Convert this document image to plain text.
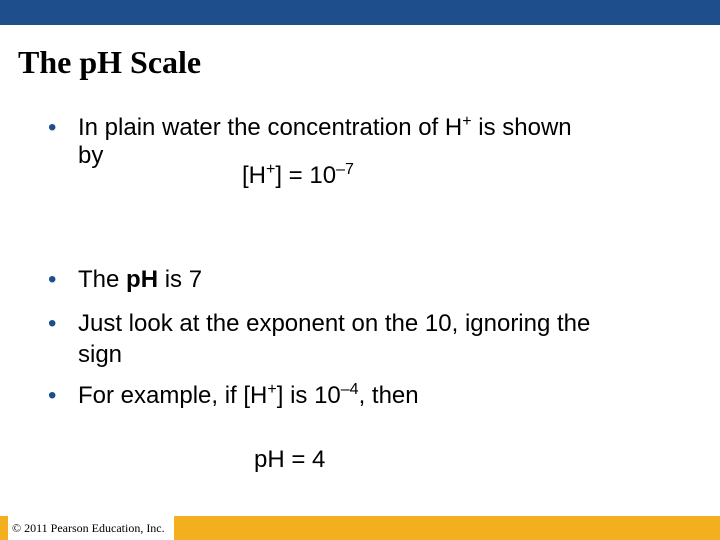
The pH Scale
• In plain water the concentration of H+ is shown
by
$[H^+] = 10^{-7}$
• The pH is 7
• Just look at the exponent on the 10, ignoring the
sign
• For example, if [H+] is $10^{-4}$, then
pH = 4
© 2011 Pearson Education, Inc.
